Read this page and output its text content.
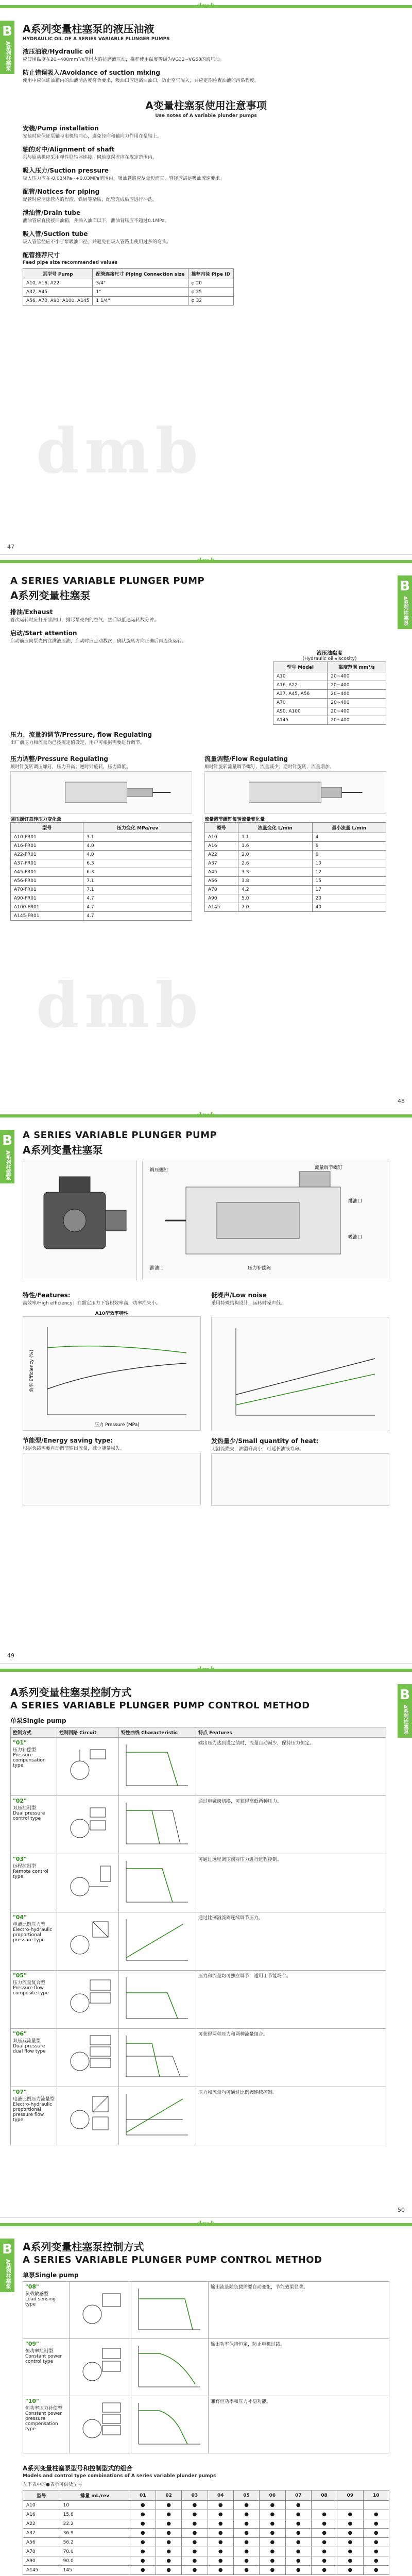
dmb
B
A系列柱塞泵
A系列变量柱塞泵的液压油液
HYDRAULIC OIL OF A SERIES VARIABLE PLUNGER PUMPS
液压油液/Hydraulic oil

应使用黏度在20~400mm²/s范围内的抗磨液压油，推荐使用黏度等级为VG32~VG68的液压油。

防止错误吸入/Avoidance of suction mixing

使用中应保证油箱内的油液清洁度符合要求，吸油口应远离回油口，防止空气混入，并应定期检查油液的污染程度。

A变量柱塞泵使用注意事项
Use notes of A variable plunder pumps
安装/Pump installation

安装时应保证泵轴与电机轴同心，避免径向和轴向力作用在泵轴上。

轴的对中/Alignment of shaft

泵与原动机应采用弹性联轴器连接，同轴度误差应在规定范围内。

吸入压力/Suction pressure

吸入压力应在-0.03MPa~+0.03MPa范围内，吸油管路应尽量短而直，管径应满足吸油流速要求。

配管/Notices for piping

配管时应清除管内的焊渣、铁屑等杂质，配管完成后应进行冲洗。

泄油管/Drain tube

泄油管应直接接回油箱，并插入油面以下，泄油背压应不超过0.1MPa。

吸入管/Suction tube

吸入管管径应不小于泵吸油口径，并避免在吸入管路上使用过多的弯头。

配管推荐尺寸
Feed pipe size recommended values
泵型号 Pump	配管连接尺寸 Piping Connection size	推荐内径 Pipe ID
A10, A16, A22	3/4"	φ 20
A37, A45	1"	φ 25
A56, A70, A90, A100, A145	1 1/4"	φ 32
dmb
47
dmb
B
A系列柱塞泵
A SERIES VARIABLE PLUNGER PUMP
A系列变量柱塞泵
排油/Exhaust

首次运转时应打开泄油口，排尽泵壳内的空气，然后以低速运转数分钟。

启动/Start attention

启动前应向泵壳内注满液压油，启动时应点动数次，确认旋转方向正确后再连续运转。

液压油黏度
(Hydraulic oil viscosity)
型号 Model	黏度范围 mm²/s
A10	20~400
A16, A22	20~400
A37, A45, A56	20~400
A70	20~400
A90, A100	20~400
A145	20~400
压力、流量的调节/Pressure, flow Regulating

出厂前压力和流量均已按规定值设定，用户可根据需要进行调节。

压力调整/Pressure Regulating

顺时针旋转调压螺钉，压力升高；逆时针旋转，压力降低。

调压螺钉每转压力变化量
型号	压力变化 MPa/rev
A10-FR01	3.1
A16-FR01	4.0
A22-FR01	4.0
A37-FR01	6.3
A45-FR01	6.3
A56-FR01	7.1
A70-FR01	7.1
A90-FR01	4.7
A100-FR01	4.7
A145-FR01	4.7
流量调整/Flow Regulating

顺时针旋转流量调节螺钉，流量减少；逆时针旋转，流量增加。

流量调节螺钉每转流量变化量
型号	流量变化 L/min	最小流量 L/min
A10	1.1	4
A16	1.6	6
A22	2.0	6
A37	2.6	10
A45	3.3	12
A56	3.8	15
A70	4.2	17
A90	5.0	20
A145	7.0	40
dmb
48
dmb
B
A系列柱塞泵
A SERIES VARIABLE PLUNGER PUMP
A系列变量柱塞泵
调压螺钉	流量调节螺钉
排油口
吸油口
泄油口	压力补偿阀
特性/Features:

高效率/High efficiency：在额定压力下容积效率高，功率损失小。

A10型效率特性
压力 Pressure (MPa)
效率 Efficiency (%)
节能型/Energy saving type:

根据负载需要自动调节输出流量，减少能量损失。

低噪声/Low noise

采用特殊结构设计，运转时噪声低。

发热量少/Small quantity of heat:

无溢流损失，油温升高小，可延长油液寿命。

49
dmb
B
A系列柱塞泵
A系列变量柱塞泵控制方式
A SERIES VARIABLE PLUNGER PUMP CONTROL METHOD
单泵Single pump
控制方式	控制回路 Circuit	特性曲线 Characteristic	特点 Features
"01"
压力补偿型
Pressure compensation type
输出压力达到设定值时，流量自动减少，保持压力恒定。
"02"
双压控制型
Dual pressure control type
通过电磁阀切换，可获得高低两种压力。
"03"
远程控制型
Remote control type
可通过远程调压阀对压力进行远程控制。
"04"
电液比例压力型
Electro-hydraulic proportional pressure type
通过比例溢流阀连续调节压力。
"05"
压力流量复合型
Pressure flow composite type
压力和流量均可独立调节，适用于节能场合。
"06"
双压双流量型
Dual pressure dual flow type
可获得两种压力和两种流量组合。
"07"
电液比例压力流量型
Electro-hydraulic proportional pressure flow type
压力和流量均可通过比例阀连续控制。
50
dmb
B
A系列柱塞泵
A系列变量柱塞泵控制方式
A SERIES VARIABLE PLUNGER PUMP CONTROL METHOD
单泵Single pump
"08"
负载敏感型
Load sensing type
输出流量随负载需要自动变化，节能效果显著。
"09"
恒功率控制型
Constant power control type
输出功率保持恒定，防止电机过载。
"10"
恒功率压力补偿型
Constant power pressure compensation type
兼有恒功率和压力补偿功能。
A系列变量柱塞泵型号和控制型式的组合
Models and control type combinations of A series variable plunder pumps

左下表中的●表示可供货型号

型号	排量 mL/rev	01	02	03	04	05	06	07	08	09	10
A10	10	●	●	●	●	●	●	●			
A16	15.8	●	●	●	●	●	●	●	●	●	●
A22	22.2	●	●	●	●	●	●	●	●	●	●
A37	36.9	●	●	●	●	●	●	●	●	●	●
A56	56.2	●	●	●	●	●	●	●	●	●	●
A70	70.0	●	●	●	●	●	●	●	●	●	●
A90	90.0	●	●	●	●	●	●	●	●	●	●
A145	145	●	●	●	●	●	●	●	●	●	●
